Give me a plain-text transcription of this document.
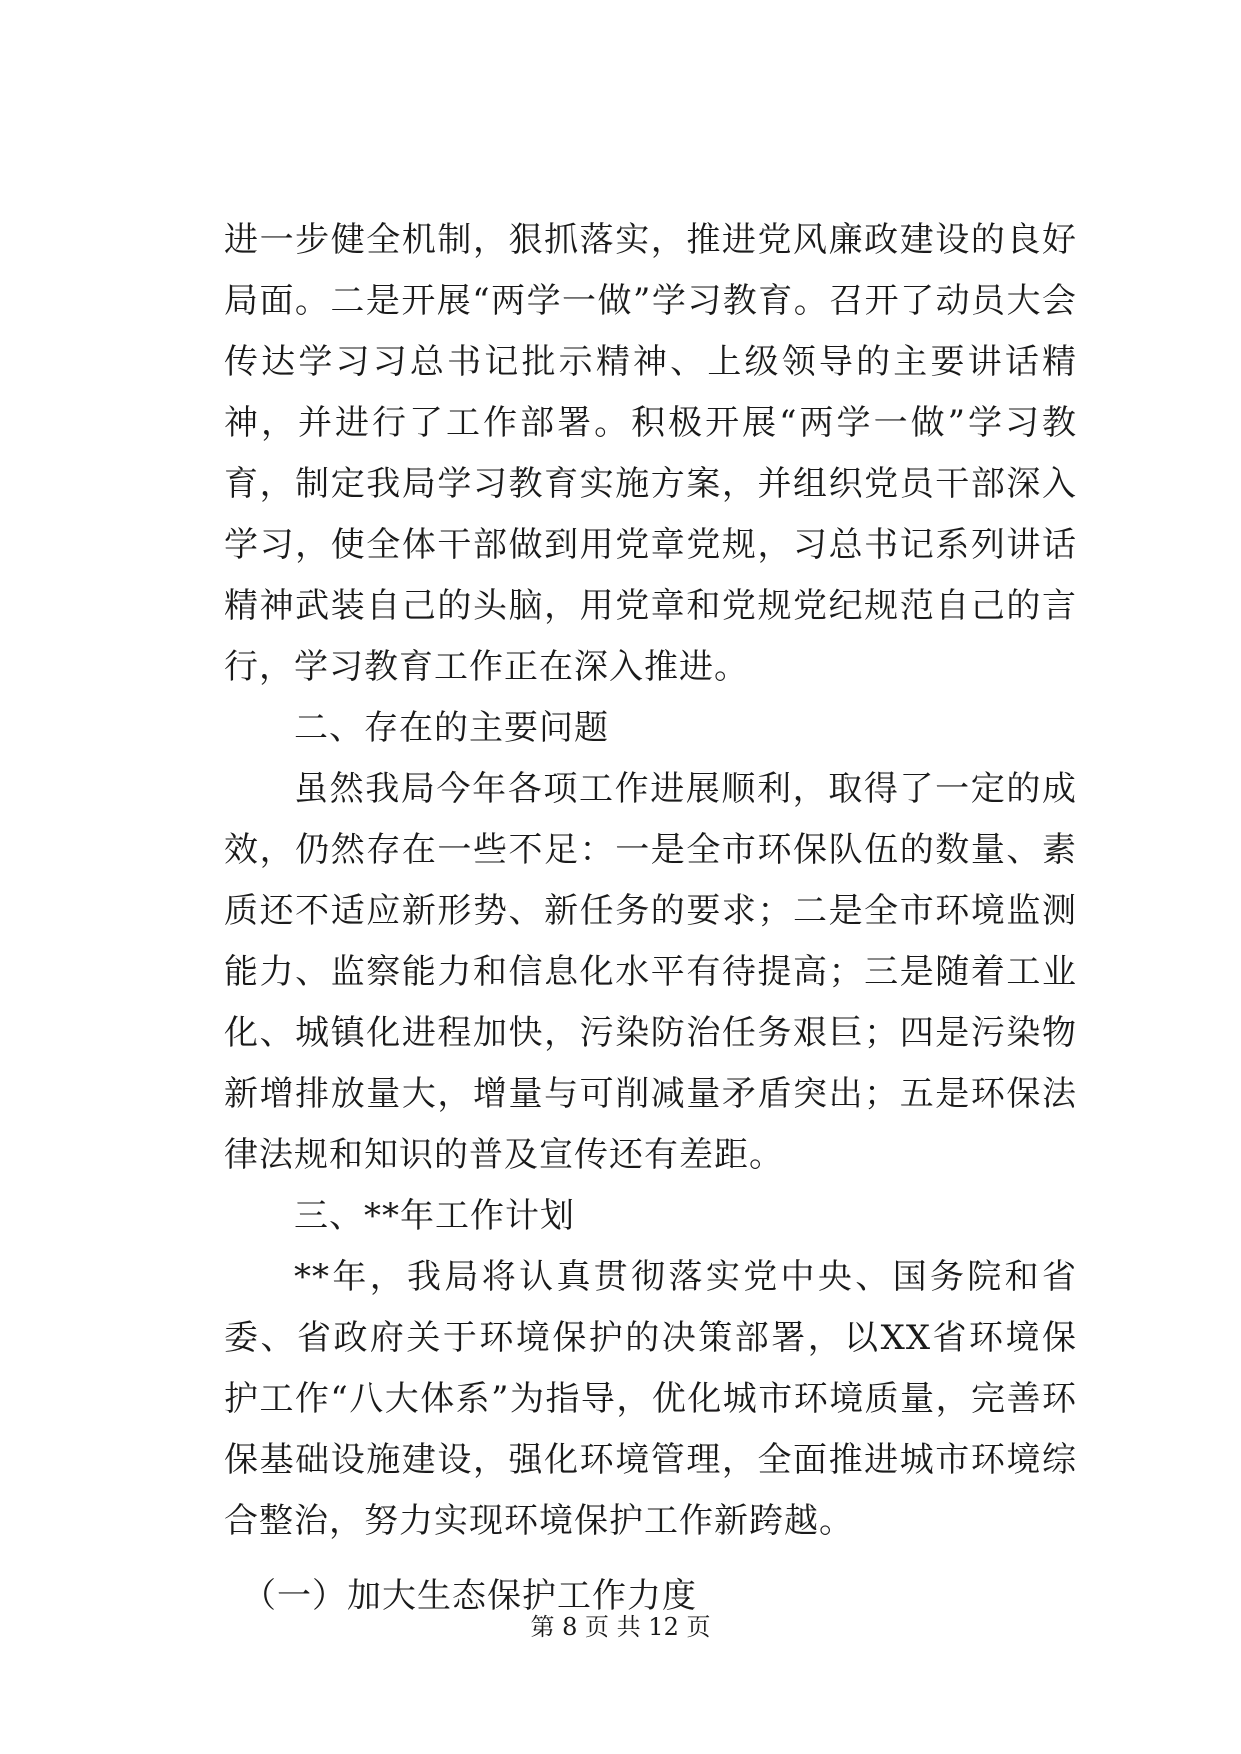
进一步健全机制，狠抓落实，推进党风廉政建设的良好局面。二是开展“两学一做”学习教育。召开了动员大会传达学习习总书记批示精神、上级领导的主要讲话精神，并进行了工作部署。积极开展“两学一做”学习教育，制定我局学习教育实施方案，并组织党员干部深入学习，使全体干部做到用党章党规，习总书记系列讲话精神武装自己的头脑，用党章和党规党纪规范自己的言行，学习教育工作正在深入推进。

二、存在的主要问题

虽然我局今年各项工作进展顺利，取得了一定的成效，仍然存在一些不足：一是全市环保队伍的数量、素质还不适应新形势、新任务的要求；二是全市环境监测能力、监察能力和信息化水平有待提高；三是随着工业化、城镇化进程加快，污染防治任务艰巨；四是污染物新增排放量大，增量与可削减量矛盾突出；五是环保法律法规和知识的普及宣传还有差距。

三、**年工作计划

**年，我局将认真贯彻落实党中央、国务院和省委、省政府关于环境保护的决策部署，以XX省环境保护工作“八大体系”为指导，优化城市环境质量，完善环保基础设施建设，强化环境管理，全面推进城市环境综合整治，努力实现环境保护工作新跨越。

（一）加大生态保护工作力度

第 8 页 共 12 页
